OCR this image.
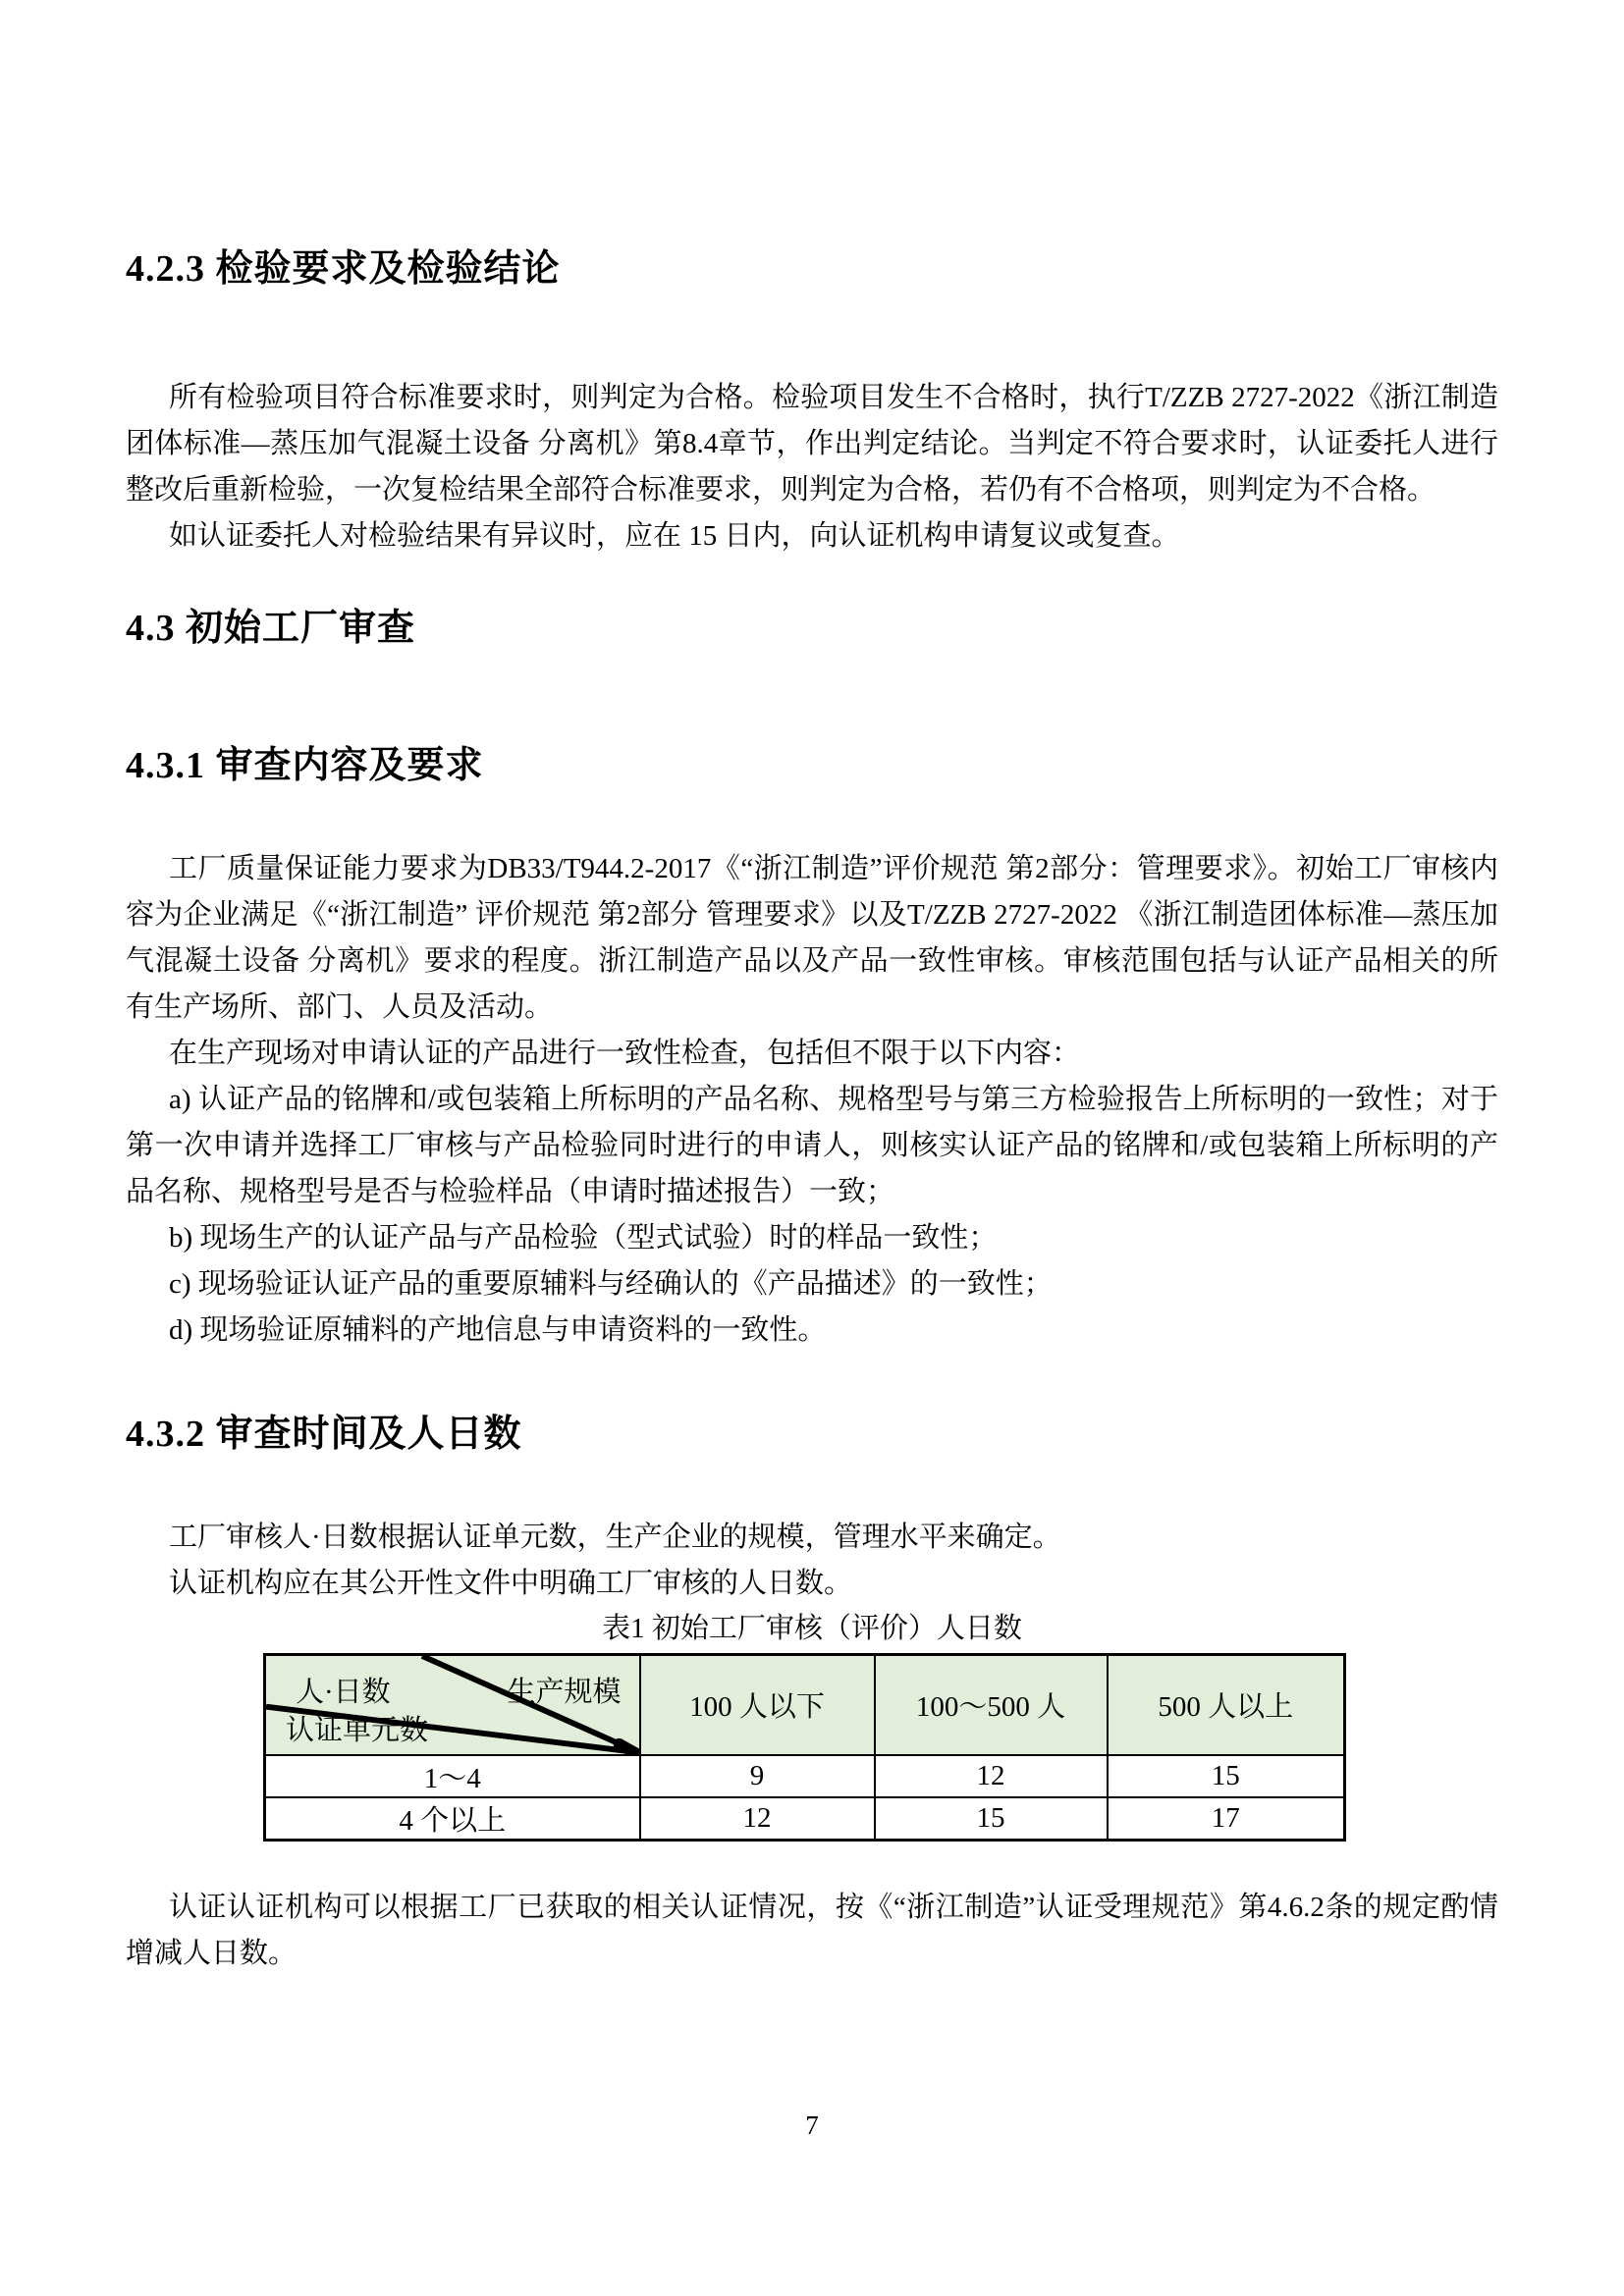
4.2.3 检验要求及检验结论

所有检验项目符合标准要求时，则判定为合格。检验项目发生不合格时，执行T/ZZB 2727-2022《浙江制造团体标准—蒸压加气混凝土设备 分离机》第8.4章节，作出判定结论。当判定不符合要求时，认证委托人进行整改后重新检验，一次复检结果全部符合标准要求，则判定为合格，若仍有不合格项，则判定为不合格。

如认证委托人对检验结果有异议时，应在 15 日内，向认证机构申请复议或复查。

4.3 初始工厂审查
4.3.1 审查内容及要求

工厂质量保证能力要求为DB33/T944.2-2017《“浙江制造”评价规范 第2部分：管理要求》。初始工厂审核内容为企业满足《“浙江制造” 评价规范 第2部分 管理要求》以及T/ZZB 2727-2022 《浙江制造团体标准—蒸压加气混凝土设备 分离机》要求的程度。浙江制造产品以及产品一致性审核。审核范围包括与认证产品相关的所有生产场所、部门、人员及活动。

在生产现场对申请认证的产品进行一致性检查，包括但不限于以下内容：

a) 认证产品的铭牌和/或包装箱上所标明的产品名称、规格型号与第三方检验报告上所标明的一致性；对于第一次申请并选择工厂审核与产品检验同时进行的申请人，则核实认证产品的铭牌和/或包装箱上所标明的产品名称、规格型号是否与检验样品（申请时描述报告）一致；

b) 现场生产的认证产品与产品检验（型式试验）时的样品一致性；

c) 现场验证认证产品的重要原辅料与经确认的《产品描述》的一致性；

d) 现场验证原辅料的产地信息与申请资料的一致性。

4.3.2 审查时间及人日数

工厂审核人·日数根据认证单元数，生产企业的规模，管理水平来确定。

认证机构应在其公开性文件中明确工厂审核的人日数。

表1 初始工厂审核（评价）人日数
人·日数 生产规模
认证单元数	100 人以下	100～500 人	500 人以上
1～4	9	12	15
4 个以上	12	15	17

认证认证机构可以根据工厂已获取的相关认证情况，按《“浙江制造”认证受理规范》第4.6.2条的规定酌情增减人日数。

7
